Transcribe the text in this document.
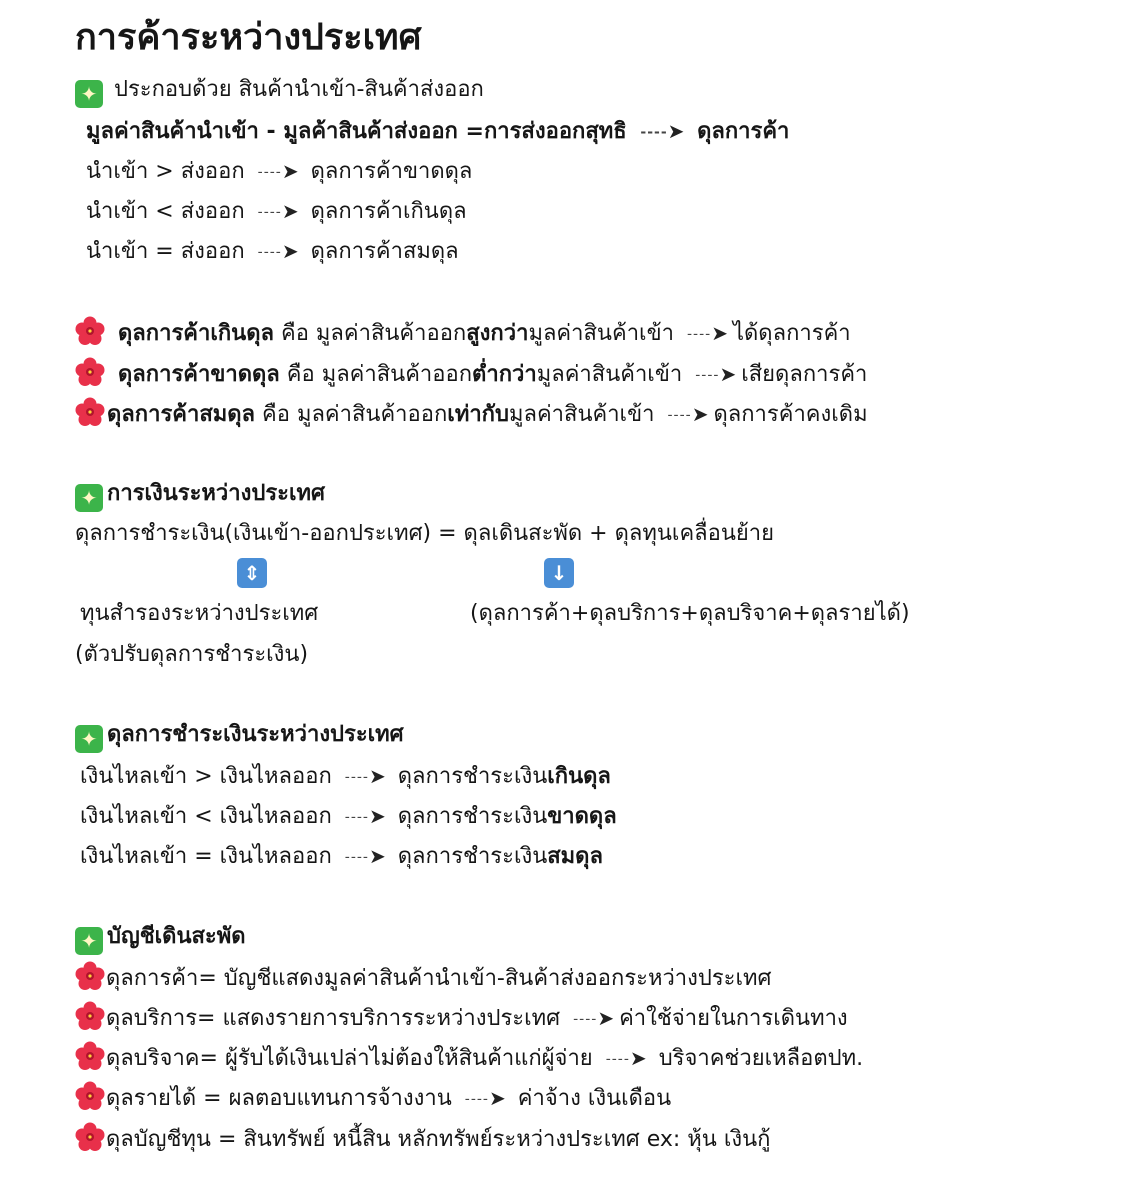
การค้าระหว่างประเทศ
✦ ประกอบด้วย สินค้านำเข้า-สินค้าส่งออก
มูลค่าสินค้านำเข้า - มูลค้าสินค้าส่งออก =การส่งออกสุทธิ ----➤ ดุลการค้า
นำเข้า > ส่งออก ----➤ ดุลการค้าขาดดุล
นำเข้า < ส่งออก ----➤ ดุลการค้าเกินดุล
นำเข้า = ส่งออก ----➤ ดุลการค้าสมดุล
ดุลการค้าเกินดุล คือ มูลค่าสินค้าออกสูงกว่ามูลค่าสินค้าเข้า ----➤ ได้ดุลการค้า
ดุลการค้าขาดดุล คือ มูลค่าสินค้าออกต่ำกว่ามูลค่าสินค้าเข้า ----➤ เสียดุลการค้า
ดุลการค้าสมดุล คือ มูลค่าสินค้าออกเท่ากับมูลค่าสินค้าเข้า ----➤ ดุลการค้าคงเดิม
✦ การเงินระหว่างประเทศ
ดุลการชำระเงิน(เงินเข้า-ออกประเทศ) = ดุลเดินสะพัด + ดุลทุนเคลื่อนย้าย
⇕	↓
ทุนสำรองระหว่างประเทศ	(ดุลการค้า+ดุลบริการ+ดุลบริจาค+ดุลรายได้)
(ตัวปรับดุลการชำระเงิน)
✦ ดุลการชำระเงินระหว่างประเทศ
เงินไหลเข้า > เงินไหลออก ----➤ ดุลการชำระเงินเกินดุล
เงินไหลเข้า < เงินไหลออก ----➤ ดุลการชำระเงินขาดดุล
เงินไหลเข้า = เงินไหลออก ----➤ ดุลการชำระเงินสมดุล
✦ บัญชีเดินสะพัด
ดุลการค้า= บัญชีแสดงมูลค่าสินค้านำเข้า-สินค้าส่งออกระหว่างประเทศ
ดุลบริการ= แสดงรายการบริการระหว่างประเทศ ----➤ ค่าใช้จ่ายในการเดินทาง
ดุลบริจาค= ผู้รับได้เงินเปล่าไม่ต้องให้สินค้าแก่ผู้จ่าย ----➤ บริจาคช่วยเหลือตปท.
ดุลรายได้ = ผลตอบแทนการจ้างงาน ----➤ ค่าจ้าง เงินเดือน
ดุลบัญชีทุน = สินทรัพย์ หนี้สิน หลักทรัพย์ระหว่างประเทศ ex: หุ้น เงินกู้
